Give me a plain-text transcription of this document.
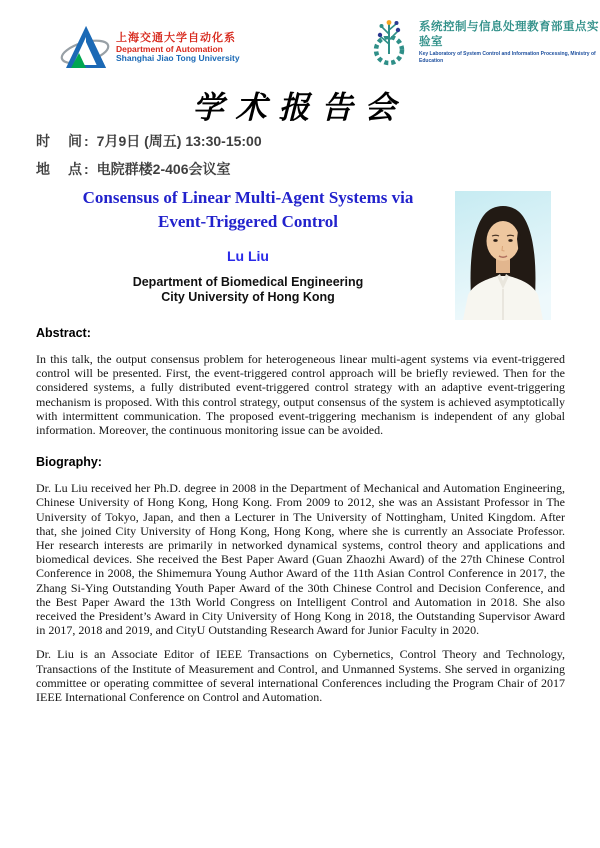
上海交通大学自动化系
Department of Automation
Shanghai Jiao Tong University
系统控制与信息处理教育部重点实验室
Key Laboratory of System Control and Information Processing, Ministry of Education
学术报告会
时　间: 7月9日 (周五) 13:30-15:00
地　点: 电院群楼2-406会议室
Consensus of Linear Multi-Agent Systems via
Event-Triggered Control
Lu Liu
Department of Biomedical Engineering
City University of Hong Kong

Abstract:

In this talk, the output consensus problem for heterogeneous linear multi-agent systems via event-triggered control will be presented. First, the event-triggered control approach will be briefly reviewed. Then for the considered systems, a fully distributed event-triggered control strategy with an adaptive event-triggering mechanism is proposed. With this control strategy, output consensus of the system is achieved asymptotically with intermittent communication. The proposed event-triggering mechanism is independent of any global information. Moreover, the continuous monitoring issue can be avoided.

Biography:

Dr. Lu Liu received her Ph.D. degree in 2008 in the Department of Mechanical and Automation Engineering, Chinese University of Hong Kong, Hong Kong. From 2009 to 2012, she was an Assistant Professor in The University of Tokyo, Japan, and then a Lecturer in The University of Nottingham, United Kingdom. After that, she joined City University of Hong Kong, Hong Kong, where she is currently an Associate Professor. Her research interests are primarily in networked dynamical systems, control theory and applications and biomedical devices. She received the Best Paper Award (Guan Zhaozhi Award) of the 27th Chinese Control Conference in 2008, the Shimemura Young Author Award of the 11th Asian Control Conference in 2017, the Zhang Si-Ying Outstanding Youth Paper Award of the 30th Chinese Control and Decision Conference, and the Best Paper Award the 13th World Congress on Intelligent Control and Automation in 2018. She also received the President’s Award in City University of Hong Kong in 2018, the Outstanding Supervisor Award in 2017, 2018 and 2019, and CityU Outstanding Research Award for Junior Faculty in 2020.

Dr. Liu is an Associate Editor of IEEE Transactions on Cybernetics, Control Theory and Technology, Transactions of the Institute of Measurement and Control, and Unmanned Systems. She served in organizing committee or operating committee of several international Conferences including the Program Chair of 2017 IEEE International Conference on Control and Automation.
